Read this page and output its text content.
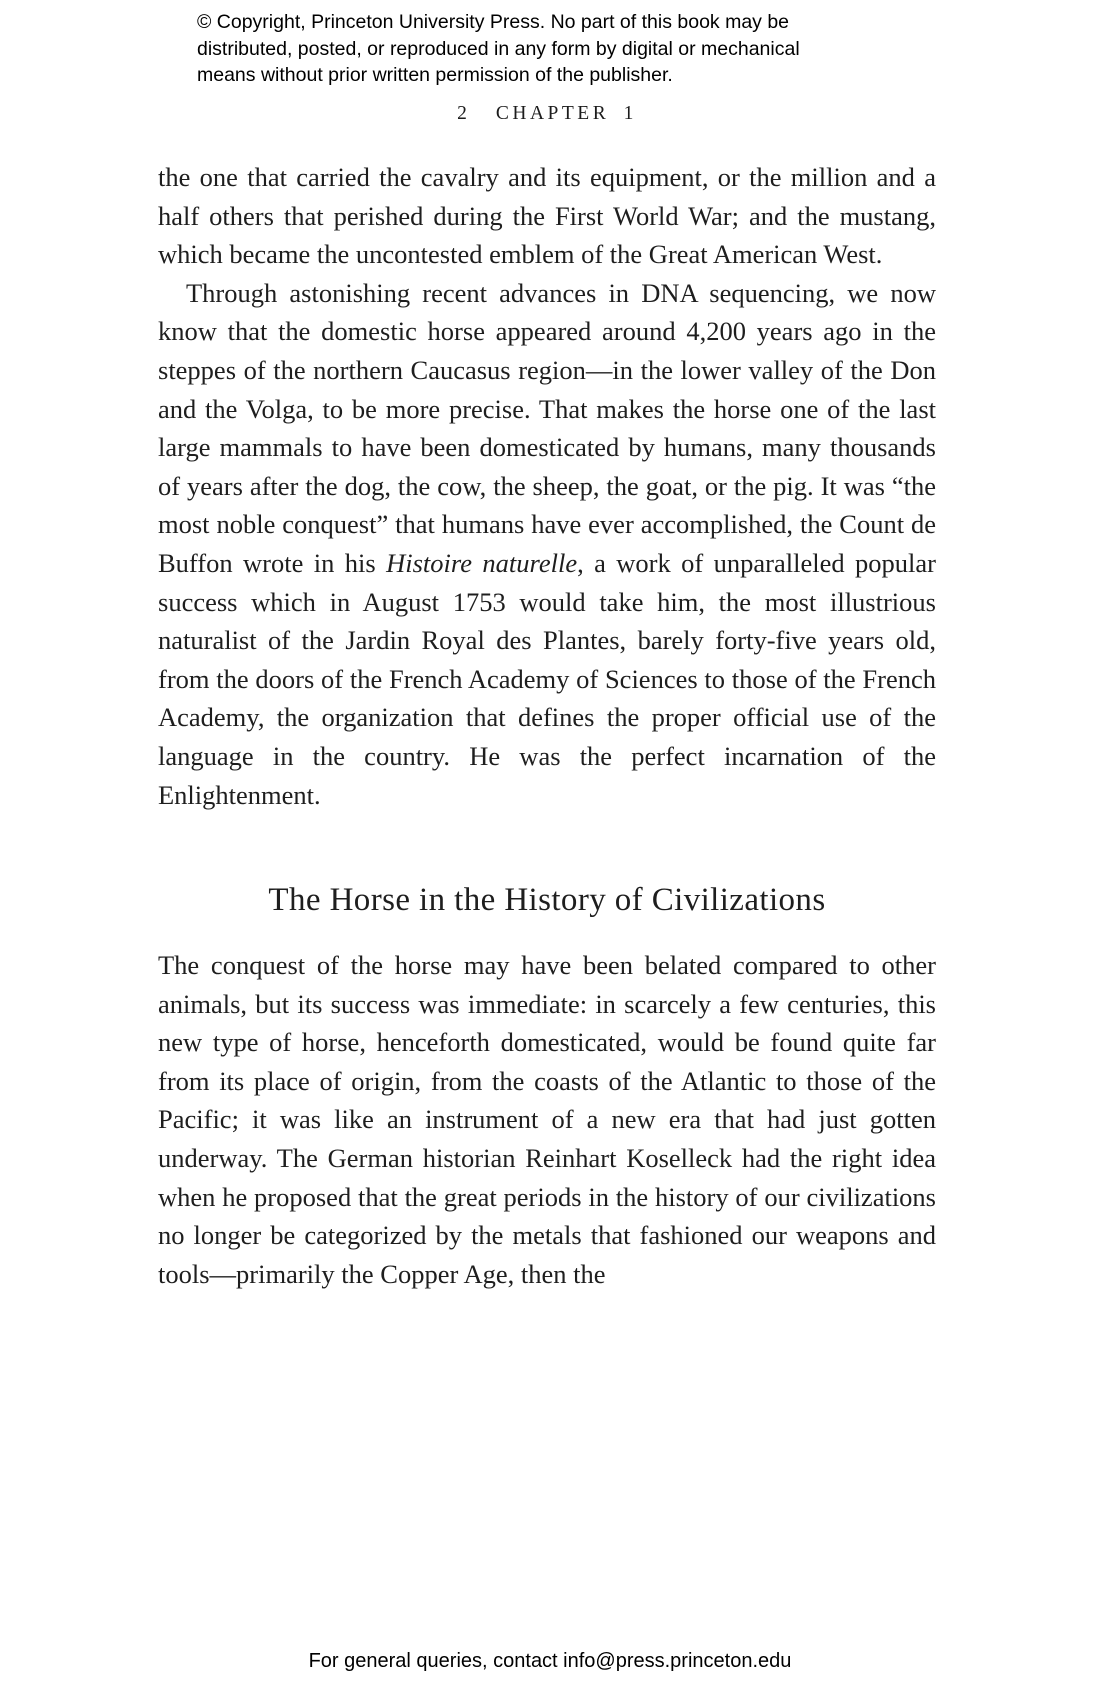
© Copyright, Princeton University Press. No part of this book may be distributed, posted, or reproduced in any form by digital or mechanical means without prior written permission of the publisher.
2 CHAPTER 1

the one that carried the cavalry and its equipment, or the million and a half others that perished during the First World War; and the mustang, which became the uncontested emblem of the Great American West.

Through astonishing recent advances in DNA sequencing, we now know that the domestic horse appeared around 4,200 years ago in the steppes of the northern Caucasus region—in the lower valley of the Don and the Volga, to be more precise. That makes the horse one of the last large mammals to have been domesticated by humans, many thousands of years after the dog, the cow, the sheep, the goat, or the pig. It was “the most noble conquest” that humans have ever accomplished, the Count de Buffon wrote in his Histoire naturelle, a work of unparalleled popular success which in August 1753 would take him, the most illustrious naturalist of the Jardin Royal des Plantes, barely forty-five years old, from the doors of the French Academy of Sciences to those of the French Academy, the organization that defines the proper official use of the language in the country. He was the perfect incarnation of the Enlightenment.

The Horse in the History of Civilizations

The conquest of the horse may have been belated compared to other animals, but its success was immediate: in scarcely a few centuries, this new type of horse, henceforth domesticated, would be found quite far from its place of origin, from the coasts of the Atlantic to those of the Pacific; it was like an instrument of a new era that had just gotten underway. The German historian Reinhart Koselleck had the right idea when he proposed that the great periods in the history of our civilizations no longer be categorized by the metals that fashioned our weapons and tools—primarily the Copper Age, then the

For general queries, contact info@press.princeton.edu
